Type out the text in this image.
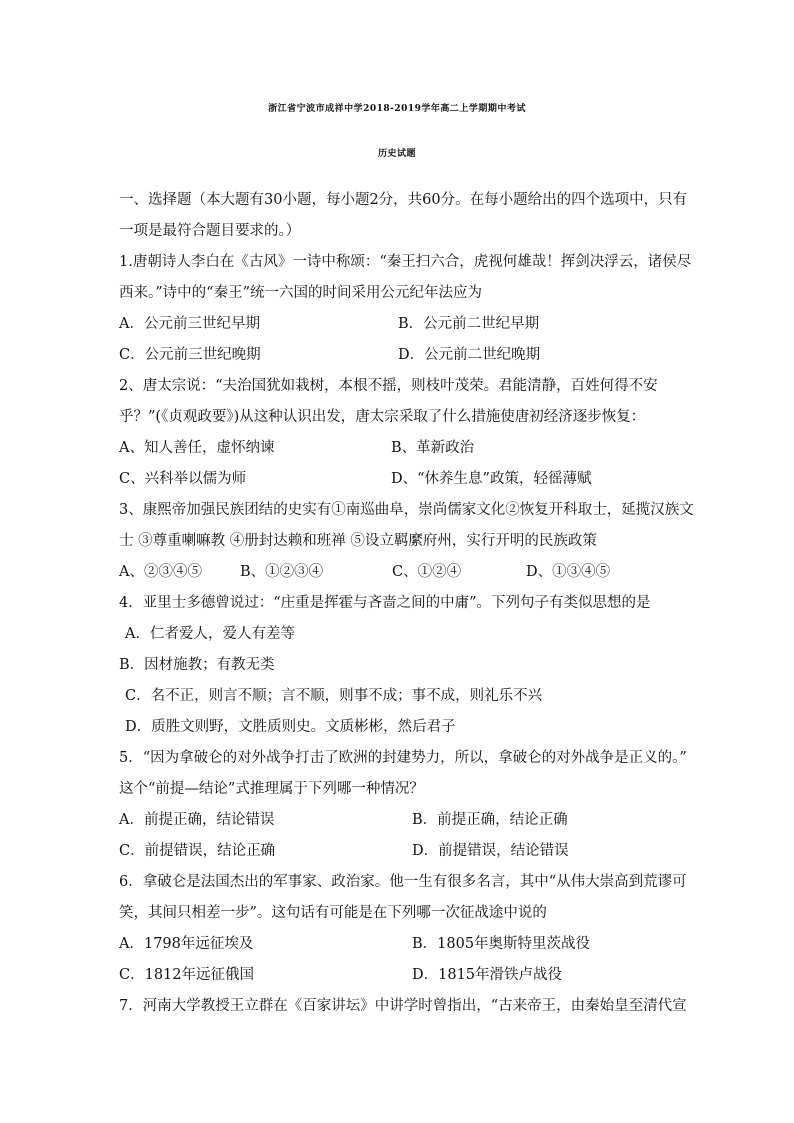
浙江省宁波市成祥中学2018-2019学年高二上学期期中考试
历史试题
一、选择题（本大题有30小题，每小题2分，共60分。在每小题给出的四个选项中，只有
一项是最符合题目要求的。）
1.唐朝诗人李白在《古风》一诗中称颂：“秦王扫六合，虎视何雄哉！挥剑决浮云，诸侯尽
西来。”诗中的“秦王”统一六国的时间采用公元纪年法应为
A．公元前三世纪早期	B．公元前二世纪早期
C．公元前三世纪晚期	D．公元前二世纪晚期
2、唐太宗说：“夫治国犹如栽树，本根不摇，则枝叶茂荣。君能清静，百姓何得不安
乎？”(《贞观政要》)从这种认识出发，唐太宗采取了什么措施使唐初经济逐步恢复：
A、知人善任，虚怀纳谏	B、革新政治
C、兴科举以儒为师	D、“休养生息”政策，轻徭薄赋
3、康熙帝加强民族团结的史实有①南巡曲阜，崇尚儒家文化②恢复开科取士，延揽汉族文
士 ③尊重喇嘛教 ④册封达赖和班禅 ⑤设立羁縻府州，实行开明的民族政策
A、②③④⑤	B、①②③④	C、①②④	D、①③④⑤
4．亚里士多德曾说过：“庄重是挥霍与吝啬之间的中庸”。下列句子有类似思想的是
A．仁者爱人，爱人有差等
B．因材施教；有教无类
C．名不正，则言不顺；言不顺，则事不成；事不成，则礼乐不兴
D．质胜文则野，文胜质则史。文质彬彬，然后君子
5．“因为拿破仑的对外战争打击了欧洲的封建势力，所以，拿破仑的对外战争是正义的。”
这个“前提—结论”式推理属于下列哪一种情况？
A．前提正确，结论错误	B．前提正确，结论正确
C．前提错误，结论正确	D．前提错误，结论错误
6．拿破仑是法国杰出的军事家、政治家。他一生有很多名言，其中“从伟大崇高到荒谬可
笑，其间只相差一步”。这句话有可能是在下列哪一次征战途中说的
A．1798年远征埃及	B．1805年奥斯特里茨战役
C．1812年远征俄国	D．1815年滑铁卢战役
7．河南大学教授王立群在《百家讲坛》中讲学时曾指出，“古来帝王，由秦始皇至清代宣
